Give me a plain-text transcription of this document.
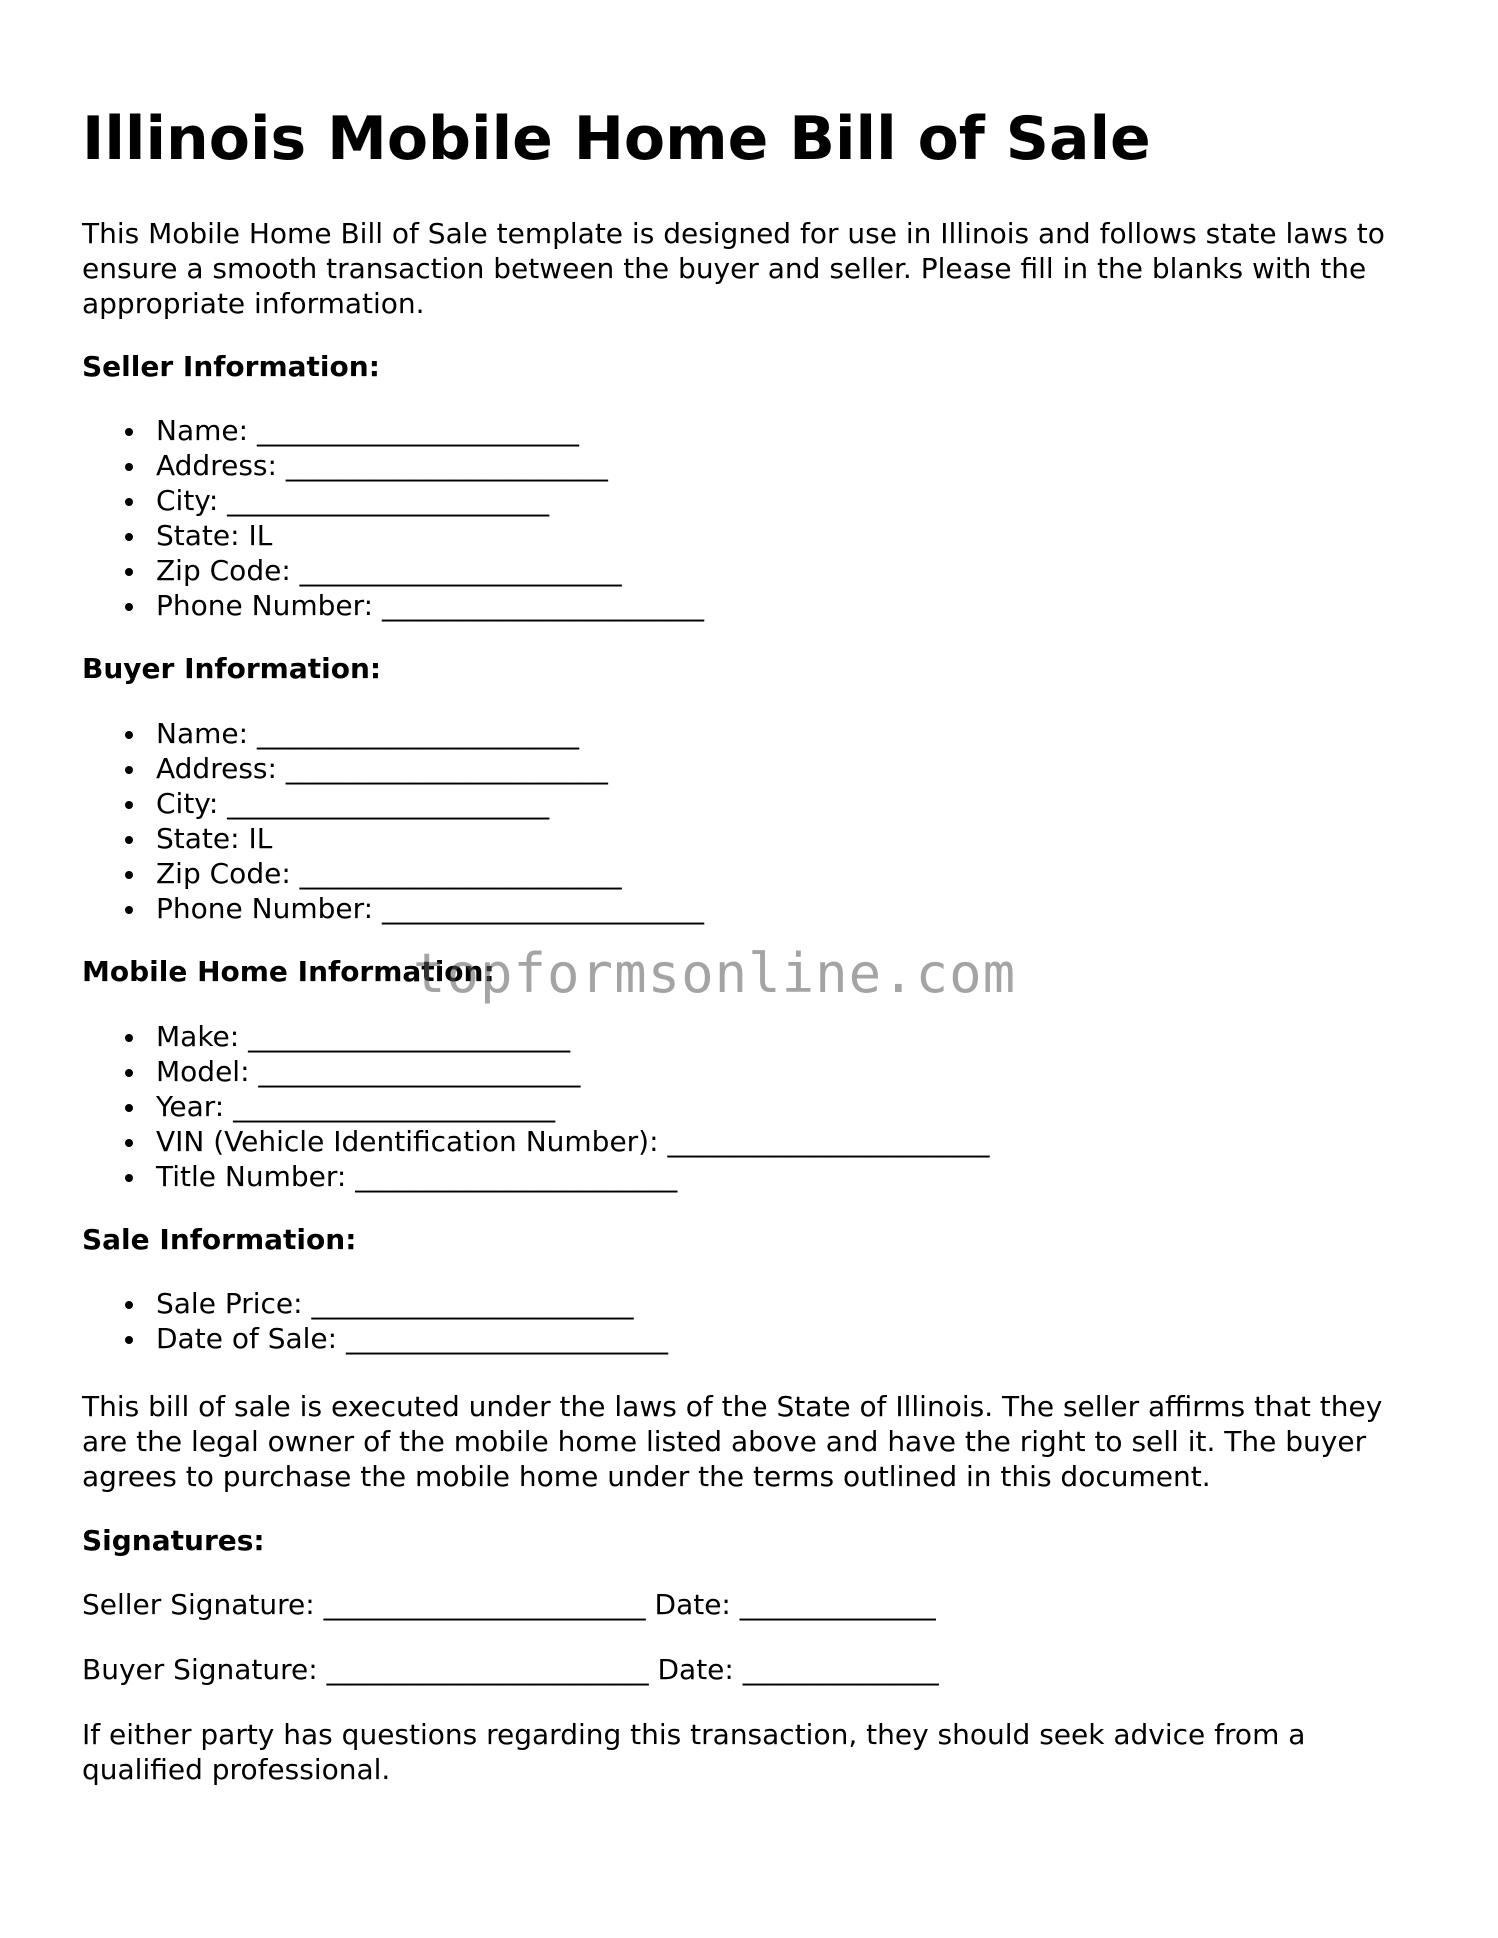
Illinois Mobile Home Bill of Sale

This Mobile Home Bill of Sale template is designed for use in Illinois and follows state laws to ensure a smooth transaction between the buyer and seller. Please fill in the blanks with the appropriate information.

Seller Information:

Name: _______________________
Address: _______________________
City: _______________________
State: IL
Zip Code: _______________________
Phone Number: _______________________

Buyer Information:

Name: _______________________
Address: _______________________
City: _______________________
State: IL
Zip Code: _______________________
Phone Number: _______________________

Mobile Home Information:

Make: _______________________
Model: _______________________
Year: _______________________
VIN (Vehicle Identification Number): _______________________
Title Number: _______________________

Sale Information:

Sale Price: _______________________
Date of Sale: _______________________

This bill of sale is executed under the laws of the State of Illinois. The seller affirms that they are the legal owner of the mobile home listed above and have the right to sell it. The buyer agrees to purchase the mobile home under the terms outlined in this document.

Signatures:

Seller Signature: _______________________ Date: ______________

Buyer Signature: _______________________ Date: ______________

If either party has questions regarding this transaction, they should seek advice from a qualified professional.

topformsonline.com
